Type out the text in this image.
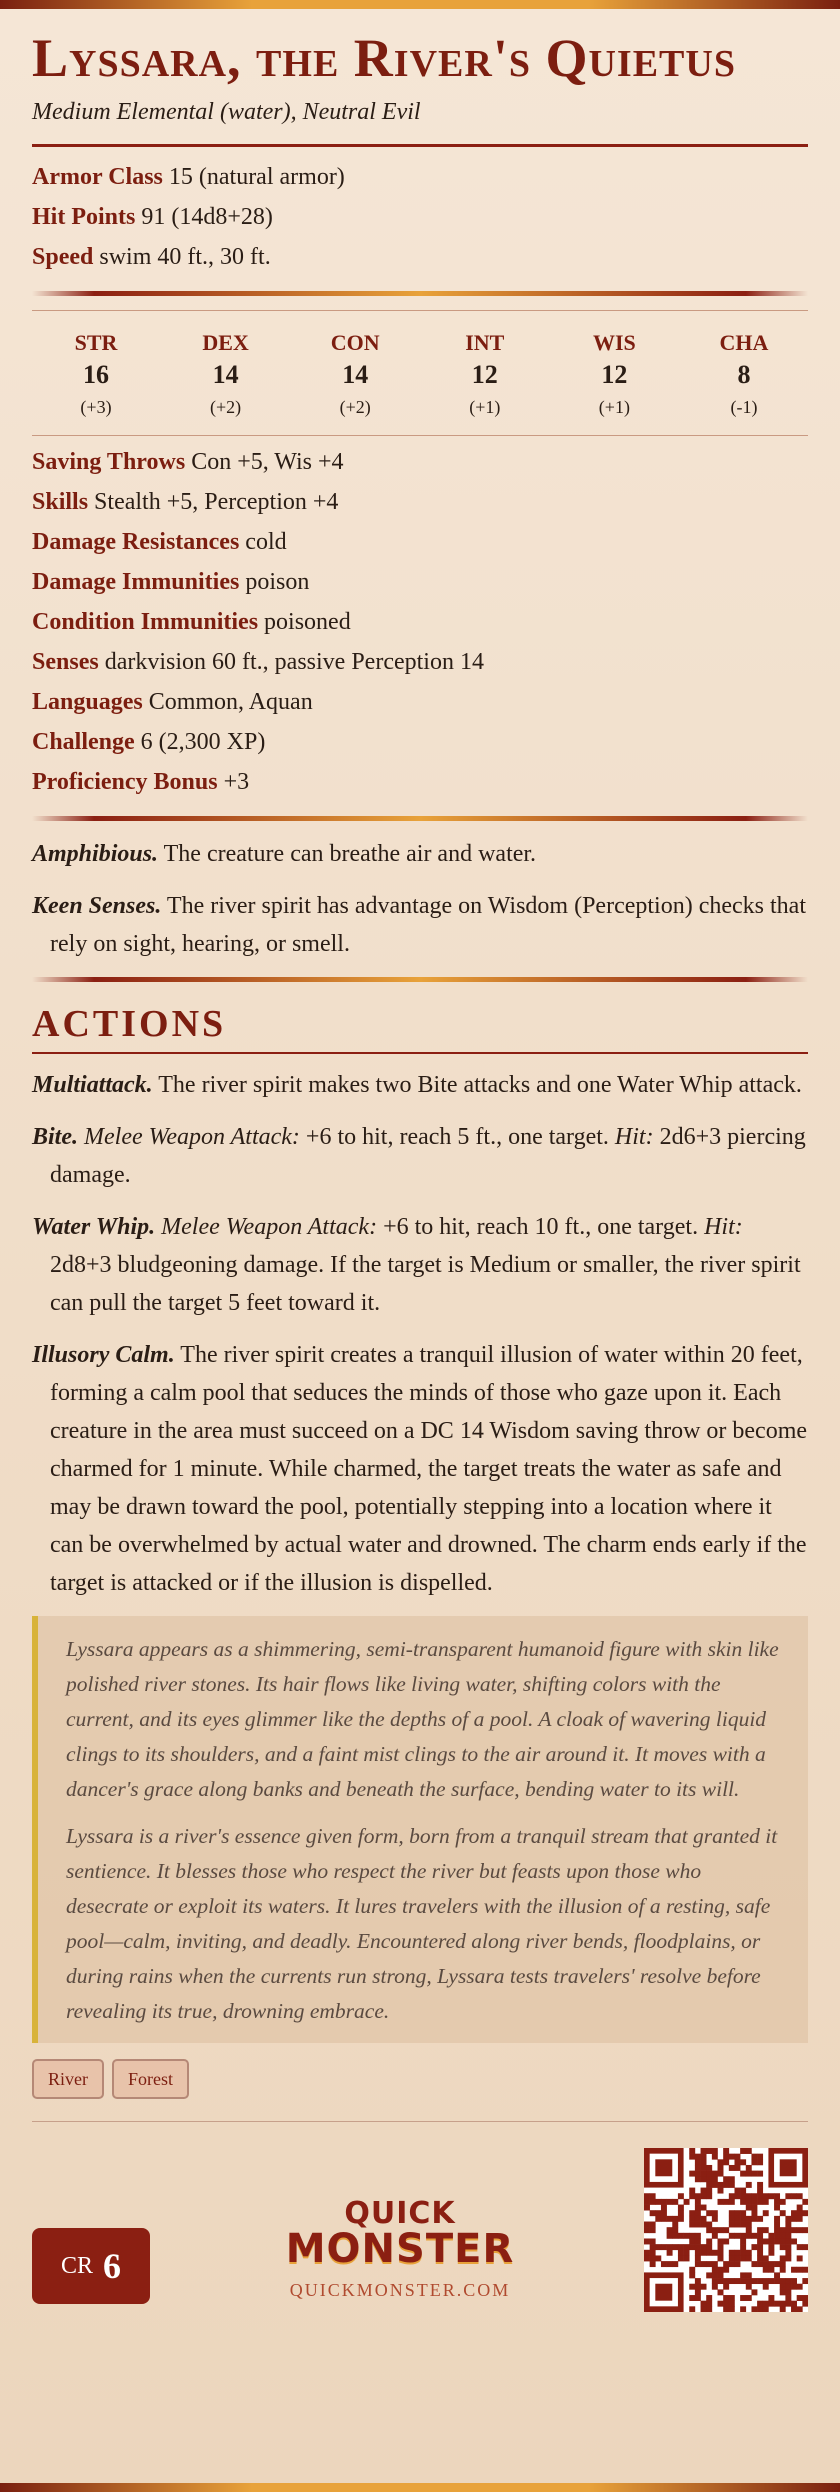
Lyssara, the River's Quietus
Medium Elemental (water), Neutral Evil
Armor Class 15 (natural armor)
Hit Points 91 (14d8+28)
Speed swim 40 ft., 30 ft.
STR
16
(+3)
DEX
14
(+2)
CON
14
(+2)
INT
12
(+1)
WIS
12
(+1)
CHA
8
(-1)
Saving Throws Con +5, Wis +4
Skills Stealth +5, Perception +4
Damage Resistances cold
Damage Immunities poison
Condition Immunities poisoned
Senses darkvision 60 ft., passive Perception 14
Languages Common, Aquan
Challenge 6 (2,300 XP)
Proficiency Bonus +3
Amphibious. The creature can breathe air and water.
Keen Senses. The river spirit has advantage on Wisdom (Perception) checks that rely on sight, hearing, or smell.
ACTIONS
Multiattack. The river spirit makes two Bite attacks and one Water Whip attack.
Bite. Melee Weapon Attack: +6 to hit, reach 5 ft., one target. Hit: 2d6+3 piercing damage.
Water Whip. Melee Weapon Attack: +6 to hit, reach 10 ft., one target. Hit: 2d8+3 bludgeoning damage. If the target is Medium or smaller, the river spirit can pull the target 5 feet toward it.
Illusory Calm. The river spirit creates a tranquil illusion of water within 20 feet, forming a calm pool that seduces the minds of those who gaze upon it. Each creature in the area must succeed on a DC 14 Wisdom saving throw or become charmed for 1 minute. While charmed, the target treats the water as safe and may be drawn toward the pool, potentially stepping into a location where it can be overwhelmed by actual water and drowned. The charm ends early if the target is attacked or if the illusion is dispelled.

Lyssara appears as a shimmering, semi-transparent humanoid figure with skin like polished river stones. Its hair flows like living water, shifting colors with the current, and its eyes glimmer like the depths of a pool. A cloak of wavering liquid clings to its shoulders, and a faint mist clings to the air around it. It moves with a dancer's grace along banks and beneath the surface, bending water to its will.

Lyssara is a river's essence given form, born from a tranquil stream that granted it sentience. It blesses those who respect the river but feasts upon those who desecrate or exploit its waters. It lures travelers with the illusion of a resting, safe pool—calm, inviting, and deadly. Encountered along river bends, floodplains, or during rains when the currents run strong, Lyssara tests travelers' resolve before revealing its true, drowning embrace.

River	Forest
CR 6
QUICK
MONSTER
QUICKMONSTER.COM
